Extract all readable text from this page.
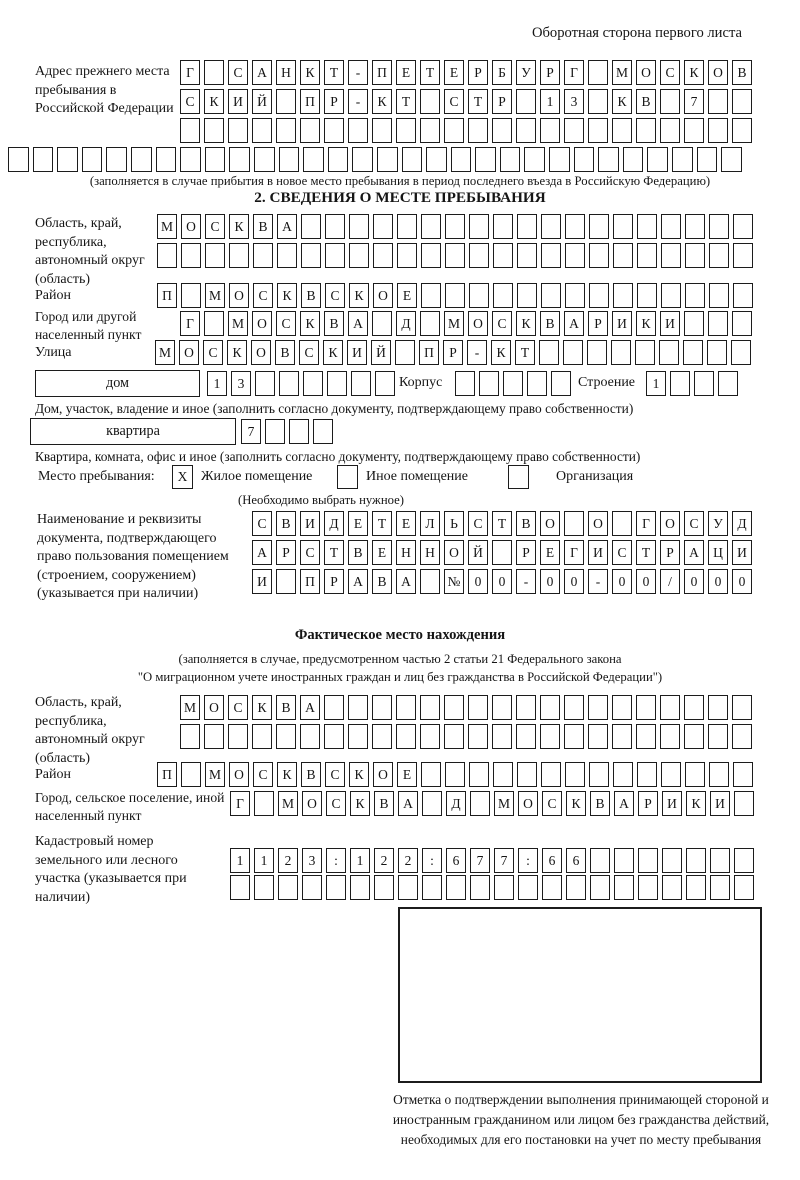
Оборотная сторона первого листа
Адрес прежнего места пребывания в Российской Федерации
Г	С	А	Н	К	Т	-	П	Е	Т	Е	Р	Б	У	Р	Г	М О	С	К	О	В
С	К	И	Й	П	Р	-	К	Т	С	Т	Р	1	3	К	В	7
(заполняется в случае прибытия в новое место пребывания в период последнего въезда в Российскую Федерацию)
2. СВЕДЕНИЯ О МЕСТЕ ПРЕБЫВАНИЯ
Область, край, республика, автономный округ (область)
М О	С	К	В	А
Район	П	М О	С	К	В	С	К	О	Е
Город или другой населенный пункт
Г	М О	С	К	В	А	Д	М О	С	К	В	А	Р	И	К	И
Улица	М О	С	К	О	В	С	К	И	Й	П	Р	-	К	Т
дом	1	3	Корпус	Строение	1
Дом, участок, владение и иное (заполнить согласно документу, подтверждающему право собственности)
квартира	7
Квартира, комната, офис и иное (заполнить согласно документу, подтверждающему право собственности)
Место пребывания: X Жилое помещение	Иное помещение	Организация
(Необходимо выбрать нужное)
Наименование и реквизиты документа, подтверждающего право пользования помещением (строением, сооружением) (указывается при наличии)
С	В	И	Д	Е	Т	Е	Л	Ь	С	Т	В	О	О	Г	О	С	У	Д
А	Р	С	Т	В	Е	Н	Н	О	Й	Р	Е	Г	И	С	Т	Р	А	Ц	И
И	П	Р	А	В	А	№	0	0	-	0	0	-	0	0	/	0	0	0
Фактическое место нахождения
(заполняется в случае, предусмотренном частью 2 статьи 21 Федерального закона
"О миграционном учете иностранных граждан и лиц без гражданства в Российской Федерации")
Область, край, республика, автономный округ (область)
М О	С	К	В	А
Район	П	М О	С	К	В	С	К	О	Е
Город, сельское поселение, иной населенный пункт
Г	М О	С	К	В	А	Д	М О	С	К	В	А	Р	И	К	И
Кадастровый номер земельного или лесного участка (указывается при наличии)
1	1	2	3	:	1	2	2	:	6	7	7	:	6	6
Отметка о подтверждении выполнения принимающей стороной и иностранным гражданином или лицом без гражданства действий, необходимых для его постановки на учет по месту пребывания
